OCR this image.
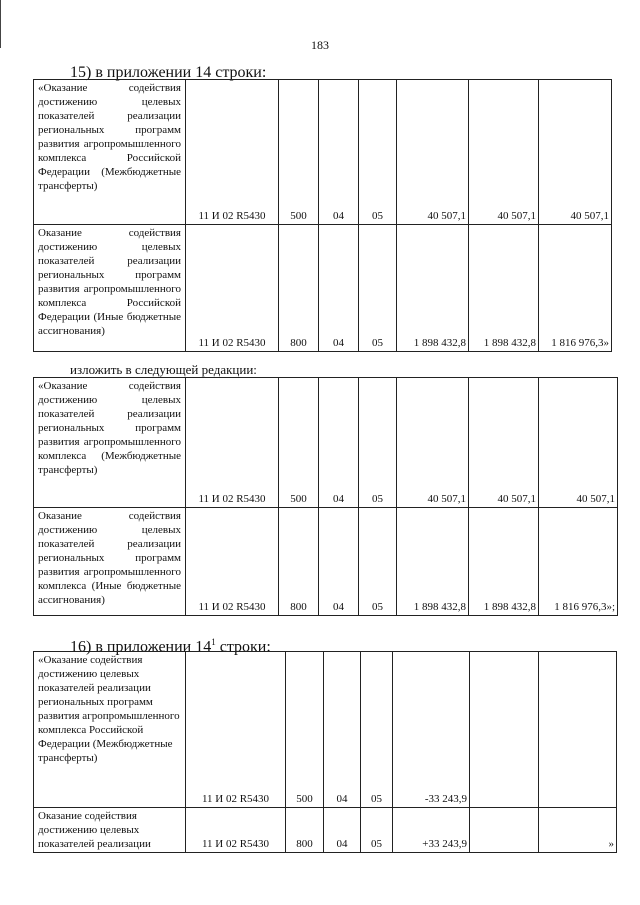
183
15) в приложении 14 строки:
«Оказание содействия достижению целевых показателей реализации региональных программ развития агропромышленного комплекса Российской Федерации (Межбюджетные трансферты)	11 И 02 R5430	500	04	05	40 507,1	40 507,1	40 507,1
Оказание содействия достижению целевых показателей реализации региональных программ развития агропромышленного комплекса Российской Федерации (Иные бюджетные ассигнования)	11 И 02 R5430	800	04	05	1 898 432,8	1 898 432,8	1 816 976,3»
изложить в следующей редакции:
«Оказание содействия достижению целевых показателей реализации региональных программ развития агропромышленного комплекса (Межбюджетные трансферты)	11 И 02 R5430	500	04	05	40 507,1	40 507,1	40 507,1
Оказание содействия достижению целевых показателей реализации региональных программ развития агропромышленного комплекса (Иные бюджетные ассигнования)	11 И 02 R5430	800	04	05	1 898 432,8	1 898 432,8	1 816 976,3»;
16) в приложении $14^1$ строки:
«Оказание содействия достижению целевых показателей реализации региональных программ развития агропромышленного комплекса Российской Федерации (Межбюджетные трансферты)	11 И 02 R5430	500	04	05	-33 243,9		
Оказание содействия достижению целевых показателей реализации	11 И 02 R5430	800	04	05	+33 243,9		»
